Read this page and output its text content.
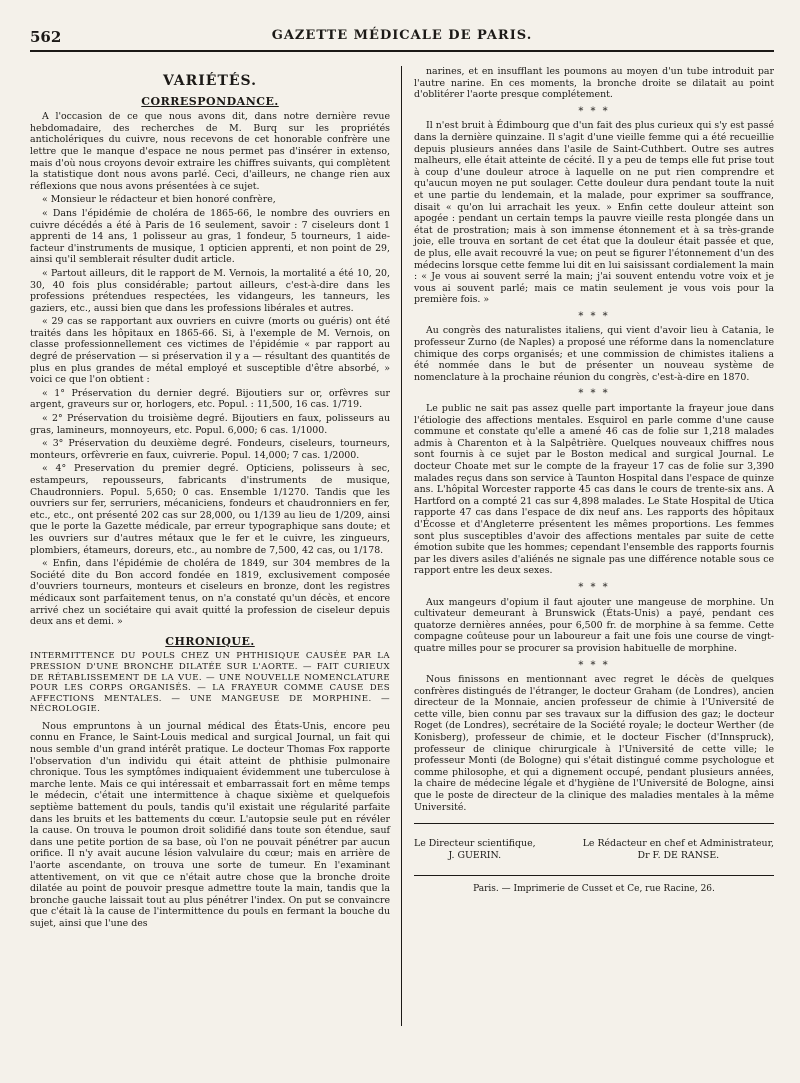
562	GAZETTE MÉDICALE DE PARIS.
VARIÉTÉS.
CORRESPONDANCE.

A l'occasion de ce que nous avons dit, dans notre dernière revue hebdomadaire, des recherches de M. Burq sur les propriétés anticholériques du cuivre, nous recevons de cet honorable confrère une lettre que le manque d'espace ne nous permet pas d'insérer in extenso, mais d'où nous croyons devoir extraire les chiffres suivants, qui complètent la statistique dont nous avons parlé. Ceci, d'ailleurs, ne change rien aux réflexions que nous avons présentées à ce sujet.

« Monsieur le rédacteur et bien honoré confrère,

« Dans l'épidémie de choléra de 1865-66, le nombre des ouvriers en cuivre décédés a été à Paris de 16 seulement, savoir : 7 ciseleurs dont 1 apprenti de 14 ans, 1 polisseur au gras, 1 fondeur, 5 tourneurs, 1 aide-facteur d'instruments de musique, 1 opticien apprenti, et non point de 29, ainsi qu'il semblerait résulter dudit article.

« Partout ailleurs, dit le rapport de M. Vernois, la mortalité a été 10, 20, 30, 40 fois plus considérable; partout ailleurs, c'est-à-dire dans les professions prétendues respectées, les vidangeurs, les tanneurs, les gaziers, etc., aussi bien que dans les professions libérales et autres.

« 29 cas se rapportant aux ouvriers en cuivre (morts ou guéris) ont été traités dans les hôpitaux en 1865-66. Si, à l'exemple de M. Vernois, on classe professionnellement ces victimes de l'épidémie « par rapport au degré de préservation — si préservation il y a — résultant des quantités de plus en plus grandes de métal employé et susceptible d'être absorbé, » voici ce que l'on obtient :

« 1° Préservation du dernier degré. Bijoutiers sur or, orfèvres sur argent, graveurs sur or, horlogers, etc. Popul. : 11,500, 16 cas. 1/719.

« 2° Préservation du troisième degré. Bijoutiers en faux, polisseurs au gras, lamineurs, monnoyeurs, etc. Popul. 6,000; 6 cas. 1/1000.

« 3° Préservation du deuxième degré. Fondeurs, ciseleurs, tourneurs, monteurs, orfèvrerie en faux, cuivrerie. Popul. 14,000; 7 cas. 1/2000.

« 4° Preservation du premier degré. Opticiens, polisseurs à sec, estampeurs, repousseurs, fabricants d'instruments de musique, Chaudronniers. Popul. 5,650; 0 cas. Ensemble 1/1270. Tandis que les ouvriers sur fer, serruriers, mécaniciens, fondeurs et chaudronniers en fer, etc., etc., ont présenté 202 cas sur 28,000, ou 1/139 au lieu de 1/209, ainsi que le porte la Gazette médicale, par erreur typographique sans doute; et les ouvriers sur d'autres métaux que le fer et le cuivre, les zingueurs, plombiers, étameurs, doreurs, etc., au nombre de 7,500, 42 cas, ou 1/178.

« Enfin, dans l'épidémie de choléra de 1849, sur 304 membres de la Société dite du Bon accord fondée en 1819, exclusivement composée d'ouvriers tourneurs, monteurs et ciseleurs en bronze, dont les registres médicaux sont parfaitement tenus, on n'a constaté qu'un décès, et encore arrivé chez un sociétaire qui avait quitté la profession de ciseleur depuis deux ans et demi. »

CHRONIQUE.
INTERMITTENCE DU POULS CHEZ UN PHTHISIQUE CAUSÉE PAR LA PRESSION D'UNE BRONCHE DILATÉE SUR L'AORTE. — FAIT CURIEUX DE RÉTABLISSEMENT DE LA VUE. — UNE NOUVELLE NOMENCLATURE POUR LES CORPS ORGANISÉS. — LA FRAYEUR COMME CAUSE DES AFFECTIONS MENTALES. — UNE MANGEUSE DE MORPHINE. — NÉCROLOGIE.

Nous empruntons à un journal médical des États-Unis, encore peu connu en France, le Saint-Louis medical and surgical Journal, un fait qui nous semble d'un grand intérêt pratique. Le docteur Thomas Fox rapporte l'observation d'un individu qui était atteint de phthisie pulmonaire chronique. Tous les symptômes indiquaient évidemment une tuberculose à marche lente. Mais ce qui intéressait et embarrassait fort en même temps le médecin, c'était une intermittence à chaque sixième et quelquefois septième battement du pouls, tandis qu'il existait une régularité parfaite dans les bruits et les battements du cœur. L'autopsie seule put en révéler la cause. On trouva le poumon droit solidifié dans toute son étendue, sauf dans une petite portion de sa base, où l'on ne pouvait pénétrer par aucun orifice. Il n'y avait aucune lésion valvulaire du cœur; mais en arrière de l'aorte ascendante, on trouva une sorte de tumeur. En l'examinant attentivement, on vit que ce n'était autre chose que la bronche droite dilatée au point de pouvoir presque admettre toute la main, tandis que la bronche gauche laissait tout au plus pénétrer l'index. On put se convaincre que c'était là la cause de l'intermittence du pouls en fermant la bouche du sujet, ainsi que l'une des

narines, et en insufflant les poumons au moyen d'un tube introduit par l'autre narine. En ces moments, la bronche droite se dilatait au point d'oblitérer l'aorte presque complétement.

* * *

Il n'est bruit à Édimbourg que d'un fait des plus curieux qui s'y est passé dans la dernière quinzaine. Il s'agit d'une vieille femme qui a été recueillie depuis plusieurs années dans l'asile de Saint-Cuthbert. Outre ses autres malheurs, elle était atteinte de cécité. Il y a peu de temps elle fut prise tout à coup d'une douleur atroce à laquelle on ne put rien comprendre et qu'aucun moyen ne put soulager. Cette douleur dura pendant toute la nuit et une partie du lendemain, et la malade, pour exprimer sa souffrance, disait « qu'on lui arrachait les yeux. » Enfin cette douleur atteint son apogée : pendant un certain temps la pauvre vieille resta plongée dans un état de prostration; mais à son immense étonnement et à sa très-grande joie, elle trouva en sortant de cet état que la douleur était passée et que, de plus, elle avait recouvré la vue; on peut se figurer l'étonnement d'un des médecins lorsque cette femme lui dit en lui saisissant cordialement la main : « Je vous ai souvent serré la main; j'ai souvent entendu votre voix et je vous ai souvent parlé; mais ce matin seulement je vous vois pour la première fois. »

* * *

Au congrès des naturalistes italiens, qui vient d'avoir lieu à Catania, le professeur Zurno (de Naples) a proposé une réforme dans la nomenclature chimique des corps organisés; et une commission de chimistes italiens a été nommée dans le but de présenter un nouveau système de nomenclature à la prochaine réunion du congrès, c'est-à-dire en 1870.

* * *

Le public ne sait pas assez quelle part importante la frayeur joue dans l'étiologie des affections mentales. Esquirol en parle comme d'une cause commune et constate qu'elle a amené 46 cas de folie sur 1,218 malades admis à Charenton et à la Salpêtrière. Quelques nouveaux chiffres nous sont fournis à ce sujet par le Boston medical and surgical Journal. Le docteur Choate met sur le compte de la frayeur 17 cas de folie sur 3,390 malades reçus dans son service à Taunton Hospital dans l'espace de quinze ans. L'hôpital Worcester rapporte 45 cas dans le cours de trente-six ans. A Hartford on a compté 21 cas sur 4,898 malades. Le State Hospital de Utica rapporte 47 cas dans l'espace de dix neuf ans. Les rapports des hôpitaux d'Écosse et d'Angleterre présentent les mêmes proportions. Les femmes sont plus susceptibles d'avoir des affections mentales par suite de cette émotion subite que les hommes; cependant l'ensemble des rapports fournis par les divers asiles d'aliénés ne signale pas une différence notable sous ce rapport entre les deux sexes.

* * *

Aux mangeurs d'opium il faut ajouter une mangeuse de morphine. Un cultivateur demeurant à Brunswick (États-Unis) a payé, pendant ces quatorze dernières années, pour 6,500 fr. de morphine à sa femme. Cette compagne coûteuse pour un laboureur a fait une fois une course de vingt-quatre milles pour se procurer sa provision habituelle de morphine.

* * *

Nous finissons en mentionnant avec regret le décès de quelques confrères distingués de l'étranger, le docteur Graham (de Londres), ancien directeur de la Monnaie, ancien professeur de chimie à l'Université de cette ville, bien connu par ses travaux sur la diffusion des gaz; le docteur Roget (de Londres), secrétaire de la Société royale; le docteur Werther (de Konisberg), professeur de chimie, et le docteur Fischer (d'Innspruck), professeur de clinique chirurgicale à l'Université de cette ville; le professeur Monti (de Bologne) qui s'était distingué comme psychologue et comme philosophe, et qui a dignement occupé, pendant plusieurs années, la chaire de médecine légale et d'hygiène de l'Université de Bologne, ainsi que le poste de directeur de la clinique des maladies mentales à la même Université.

Le Directeur scientifique,
J. GUERIN.
Le Rédacteur en chef et Administrateur,
Dr F. DE RANSE.
Paris. — Imprimerie de Cusset et Ce, rue Racine, 26.
